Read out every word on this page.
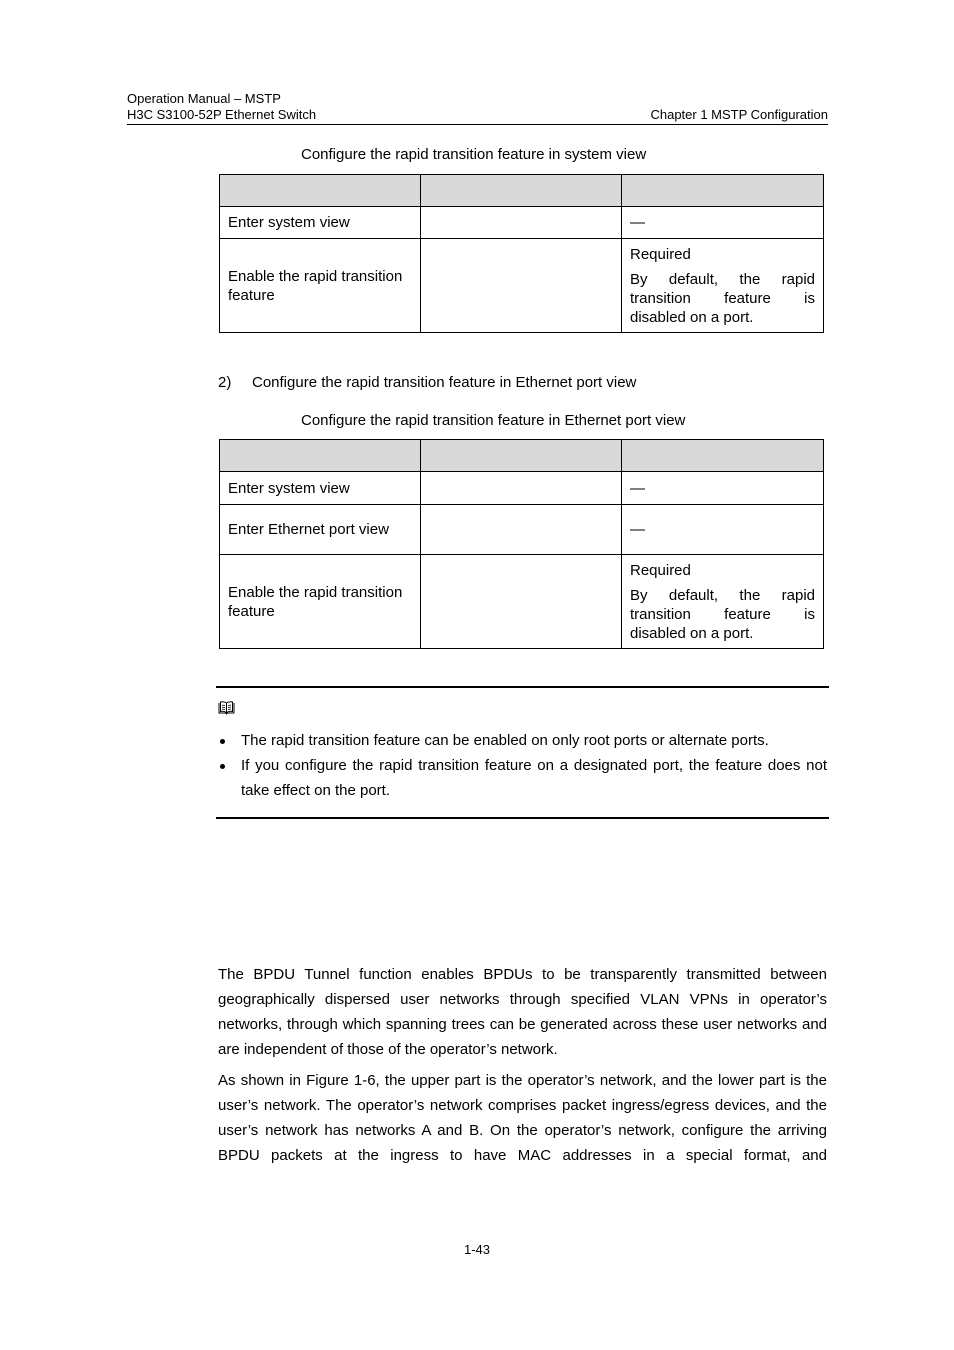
Operation Manual – MSTP
H3C S3100-52P Ethernet Switch	Chapter 1 MSTP Configuration
Configure the rapid transition feature in system view

Enter system view		—
Enable the rapid transition feature		Required
By default, the rapid transition feature is disabled on a port.
2) Configure the rapid transition feature in Ethernet port view
Configure the rapid transition feature in Ethernet port view

Enter system view		—
Enter Ethernet port view		—
Enable the rapid transition feature		Required
By default, the rapid transition feature is disabled on a port.
The rapid transition feature can be enabled on only root ports or alternate ports.
If you configure the rapid transition feature on a designated port, the feature does not take effect on the port.

The BPDU Tunnel function enables BPDUs to be transparently transmitted between geographically dispersed user networks through specified VLAN VPNs in operator’s networks, through which spanning trees can be generated across these user networks and are independent of those of the operator’s network.

As shown in Figure 1-6, the upper part is the operator’s network, and the lower part is the user’s network. The operator’s network comprises packet ingress/egress devices, and the user’s network has networks A and B. On the operator’s network, configure the arriving BPDU packets at the ingress to have MAC addresses in a special format, and

1-43
